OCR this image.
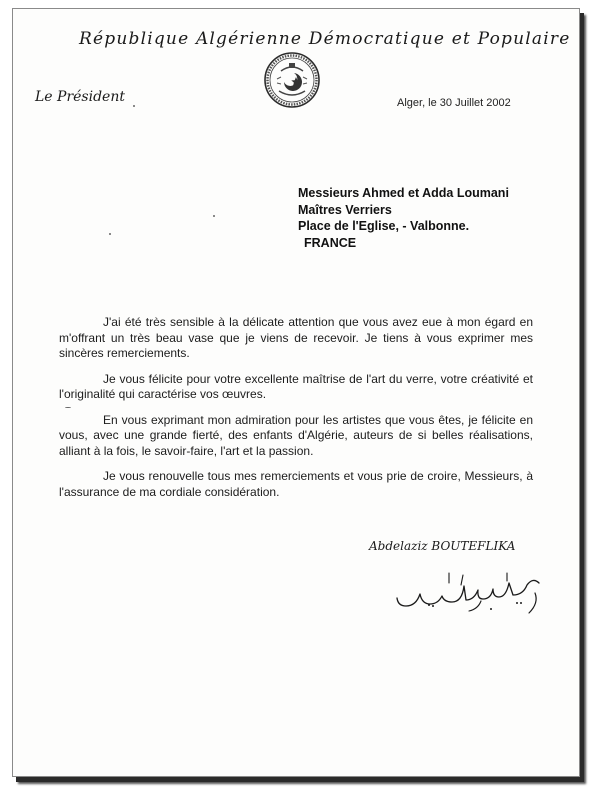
République Algérienne Démocratique et Populaire
Le Président	Alger, le 30 Juillet 2002
Messieurs Ahmed et Adda Loumani
Maîtres Verriers
Place de l'Eglise, - Valbonne.
FRANCE

J'ai été très sensible à la délicate attention que vous avez eue à mon égard en m'offrant un très beau vase que je viens de recevoir. Je tiens à vous exprimer mes sincères remerciements.

Je vous félicite pour votre excellente maîtrise de l'art du verre, votre créativité et l'originalité qui caractérise vos œuvres.

En vous exprimant mon admiration pour les artistes que vous êtes, je félicite en vous, avec une grande fierté, des enfants d'Algérie, auteurs de si belles réalisations, alliant à la fois, le savoir-faire, l'art et la passion.

Je vous renouvelle tous mes remerciements et vous prie de croire, Messieurs, à l'assurance de ma cordiale considération.

Abdelaziz BOUTEFLIKA
